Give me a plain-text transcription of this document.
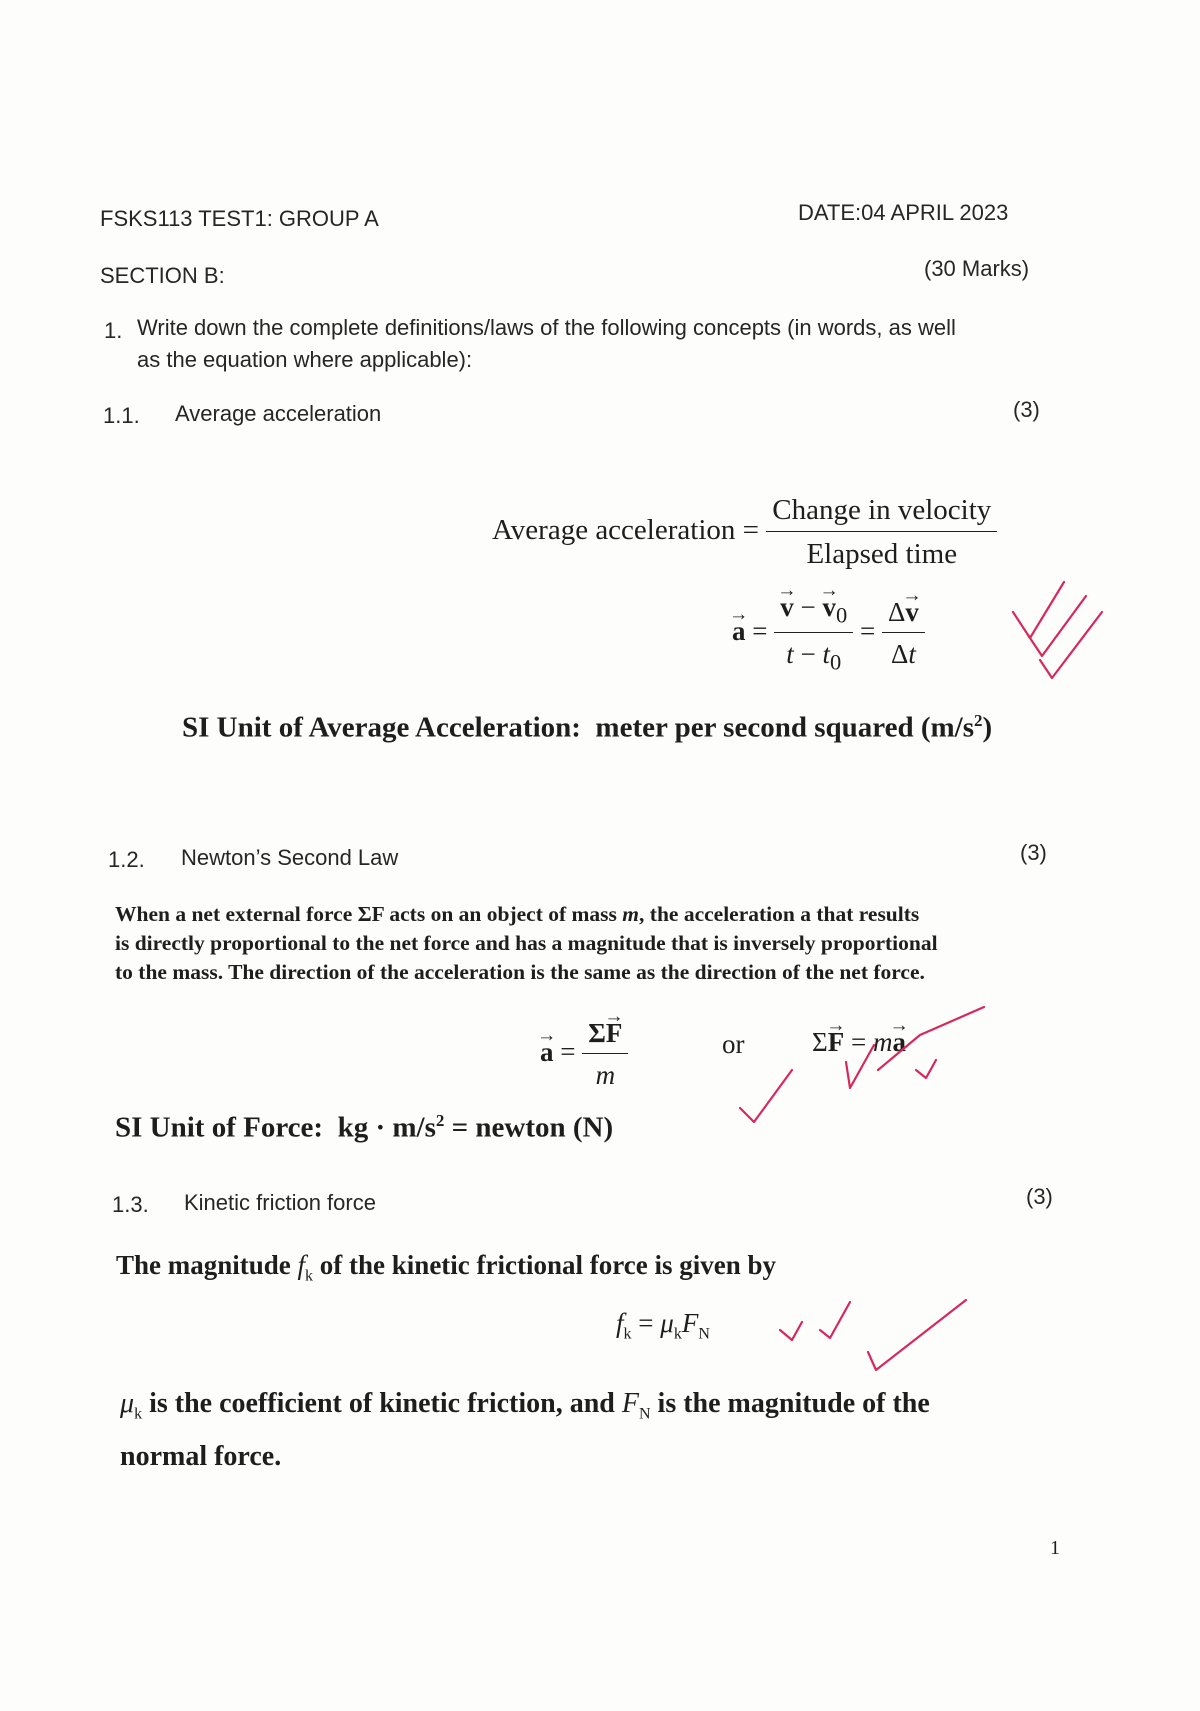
FSKS113 TEST1: GROUP A	DATE:04 APRIL 2023
SECTION B:	(30 Marks)
1. Write down the complete definitions/laws of the following concepts (in words, as well
as the equation where applicable):
1.1. Average acceleration	(3)
Average acceleration = $\frac{\text{Change in velocity}}{\text{Elapsed time}}$
→ a = → $\frac{v - \to v_0}{t - t_0} = \frac{\Delta\to v}{\Delta t}$
SI Unit of Average Acceleration: meter per second squared $(m/s^2)$
1.2. Newton’s Second Law	(3)
When a net external force ΣF acts on an object of mass m, the acceleration a that results
is directly proportional to the net force and has a magnitude that is inversely proportional
to the mass. The direction of the acceleration is the same as the direction of the net force.
→ $a = \frac{\Sigma\to F}{m}$	or	Σ→ F = m→ a
SI Unit of Force: kg · $m/s^2$ = newton (N)
1.3. Kinetic friction force	(3)
The magnitude $f_k$ of the kinetic frictional force is given by
$f_k = \mu_kF_N$
$\mu_k$ is the coefficient of kinetic friction, and $F_N$ is the magnitude of the
normal force.
1
